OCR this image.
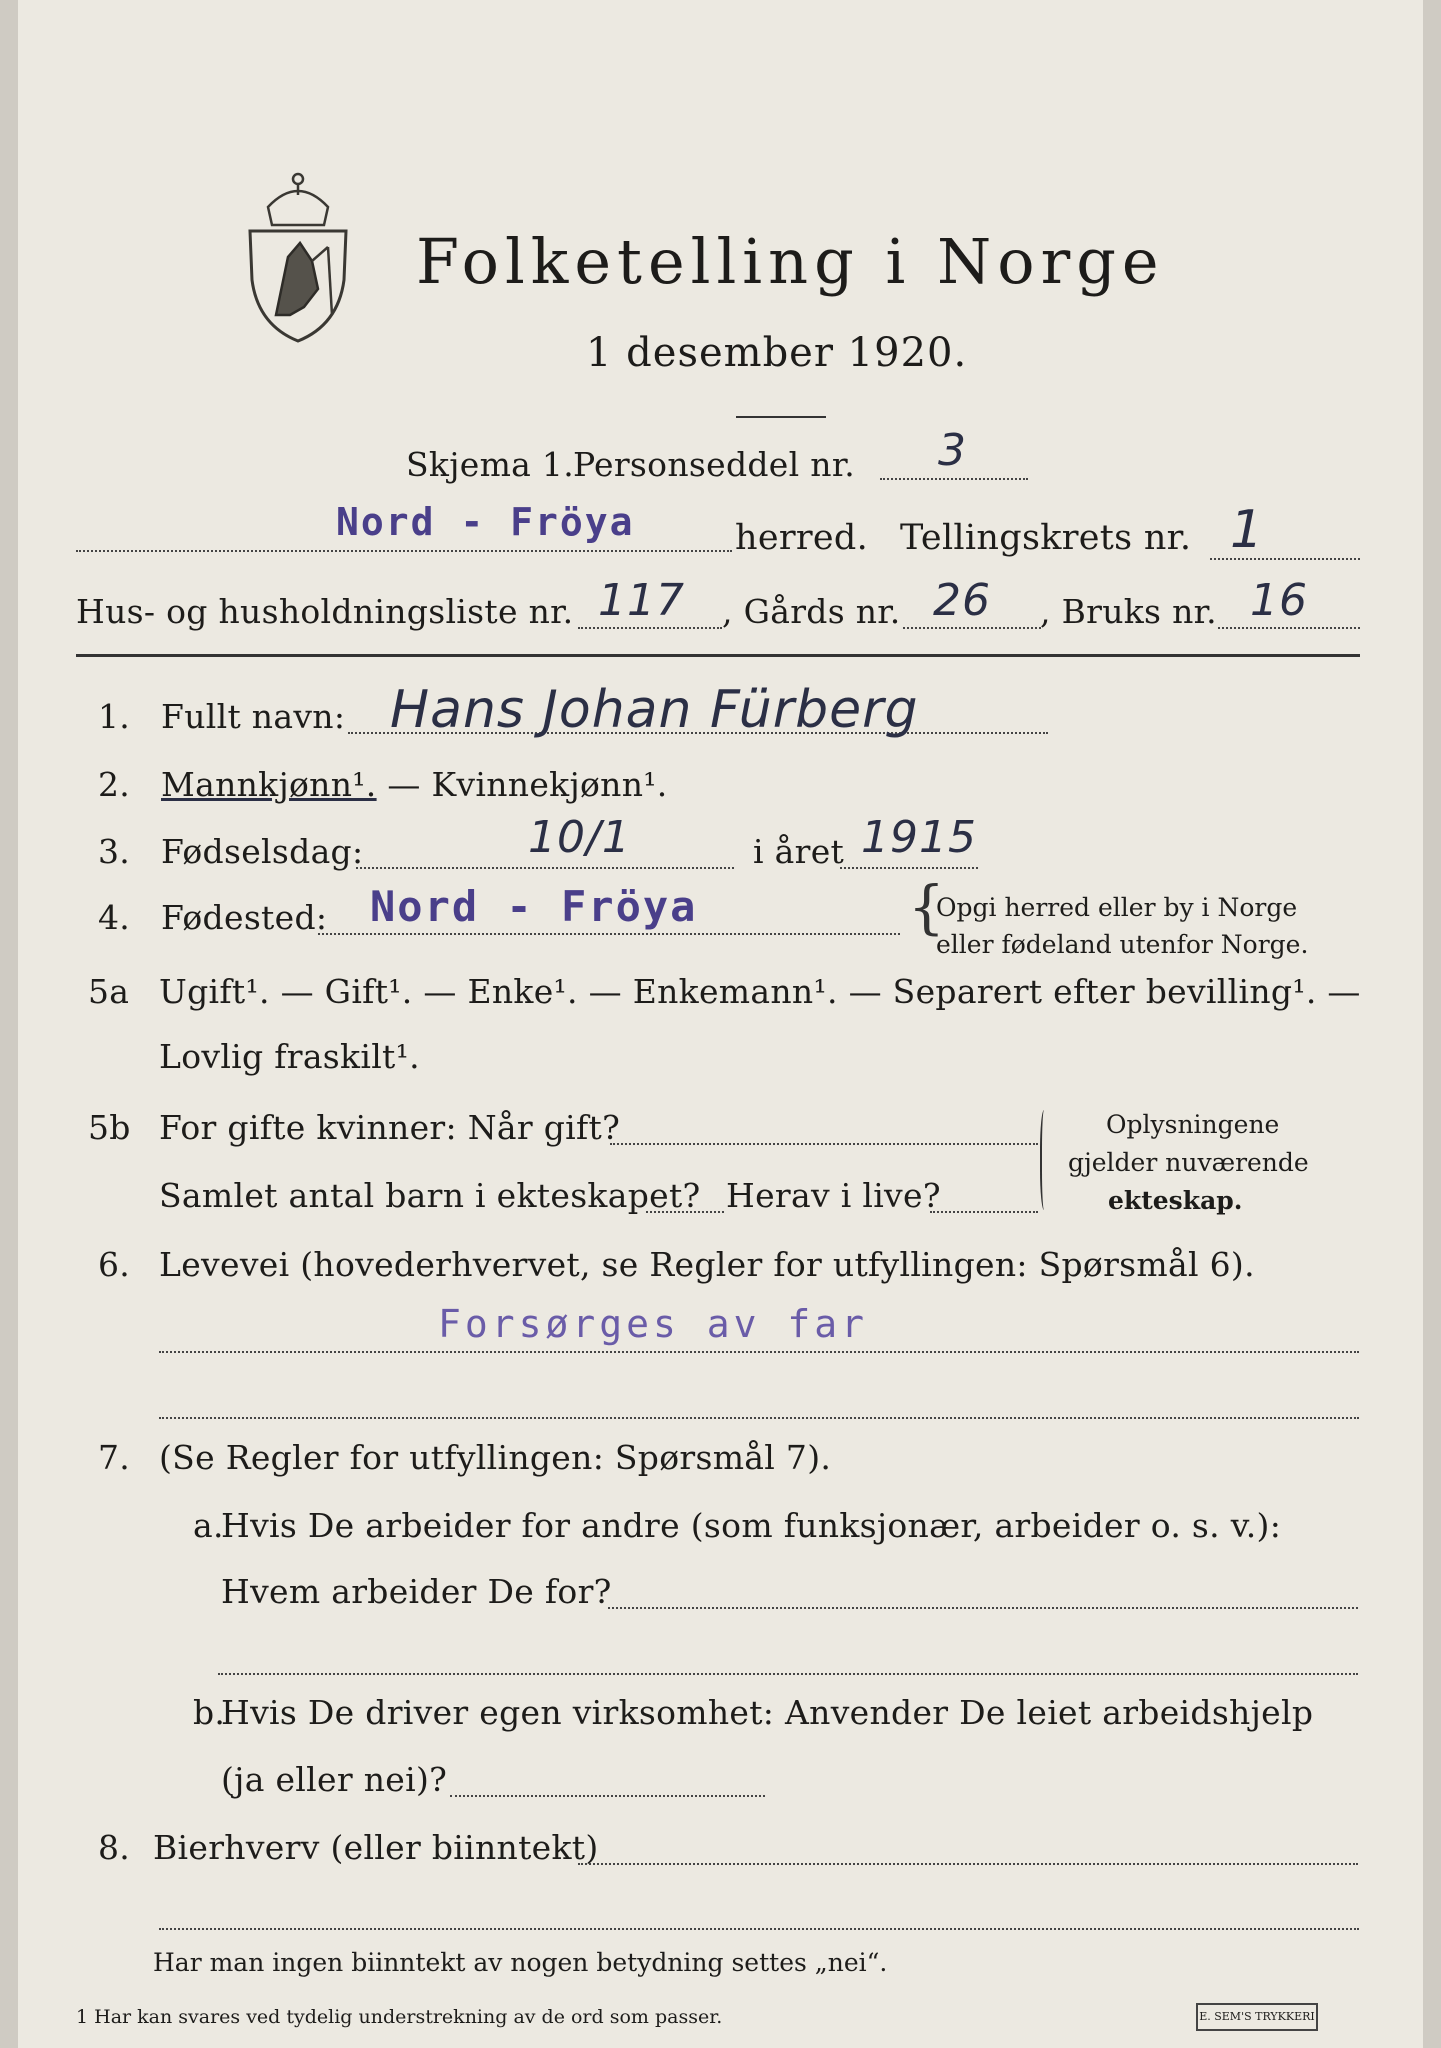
Folketelling i Norge
1 desember 1920.
Skjema 1.
Personseddel nr. 3
Nord - Fröya	herred. Tellingskrets nr. 1
Hus- og husholdningsliste nr. 117 , Gårds nr. 26 , Bruks nr. 16
1. Fullt navn: Hans Johan Fürberg
2. Mannkjønn¹. — Kvinnekjønn¹.
3. Fødselsdag:	10/1	i året 1915
4. Fødested: Nord - Fröya	{
Opgi herred eller by i Norge
eller fødeland utenfor Norge.
5a Ugift¹. — Gift¹. — Enke¹. — Enkemann¹. — Separert efter bevilling¹. —
Lovlig fraskilt¹.
5b For gifte kvinner: Når gift?
Samlet antal barn i ekteskapet? Herav i live?
Oplysningene
gjelder nuværende
ekteskap.
6. Levevei (hovederhvervet, se Regler for utfyllingen: Spørsmål 6).
Forsørges av far
7. (Se Regler for utfyllingen: Spørsmål 7).
a.
Hvis De arbeider for andre (som funksjonær, arbeider o. s. v.):
Hvem arbeider De for?
b.
Hvis De driver egen virksomhet: Anvender De leiet arbeidshjelp
(ja eller nei)?
8. Bierhverv (eller biinntekt)
Har man ingen biinntekt av nogen betydning settes „nei“.
1 Har kan svares ved tydelig understrekning av de ord som passer.	E. SEM'S TRYKKERI
